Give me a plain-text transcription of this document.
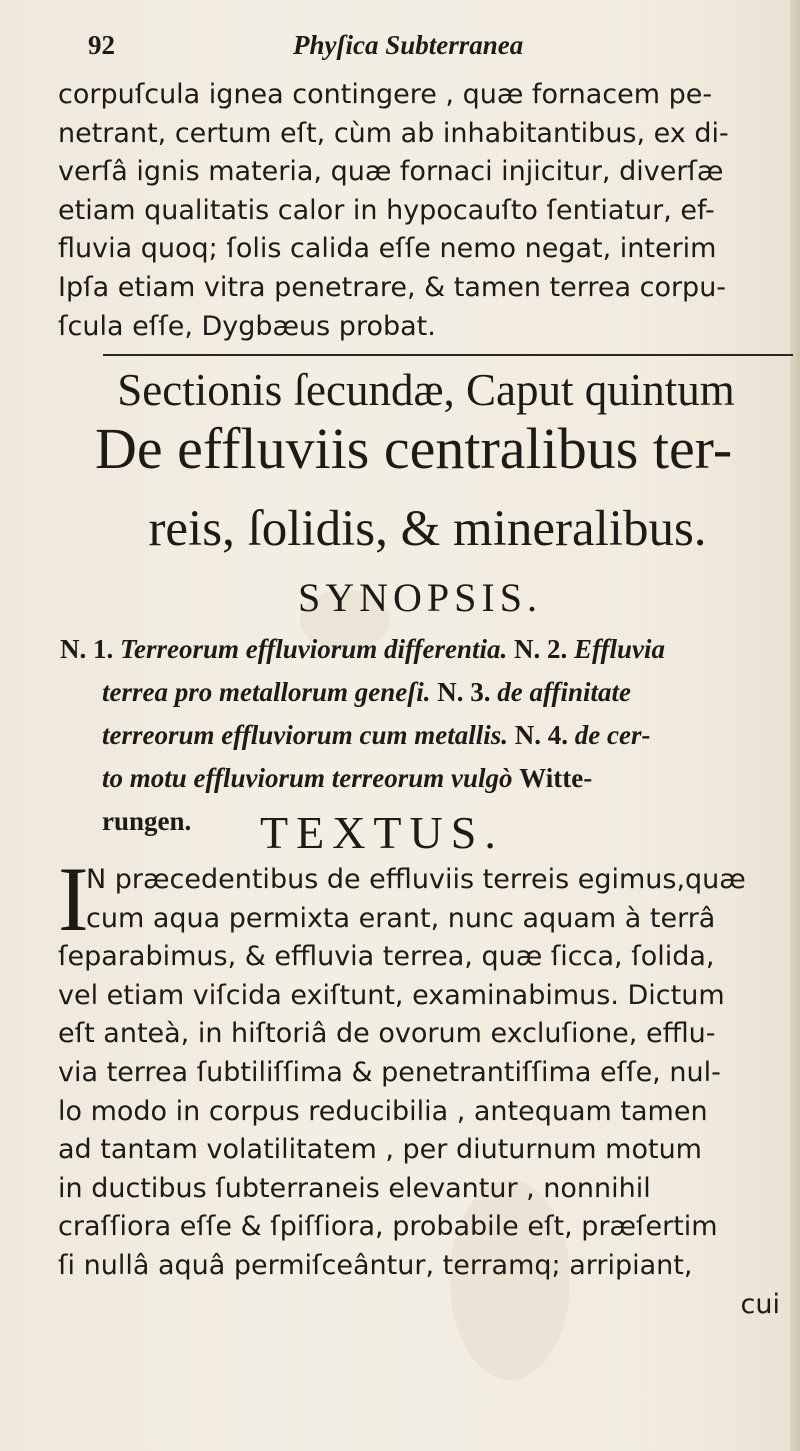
92	Phyſica Subterranea
corpuſcula ignea contingere , quæ fornacem pe-
netrant, certum eſt, cùm ab inhabitantibus, ex di-
verſâ ignis materia, quæ fornaci injicitur, diverſæ
etiam qualitatis calor in hypocauſto ſentiatur, ef-
fluvia quoq; ſolis calida eſſe nemo negat, interim
Ipſa etiam vitra penetrare, & tamen terrea corpu-
ſcula eſſe, Dygbæus probat.
Sectionis ſecundæ, Caput quintum
De effluviis centralibus ter-
reis, ſolidis, & mineralibus.
SYNOPSIS.
N. 1. Terreorum effluviorum differentia. N. 2. Effluvia
terrea pro metallorum geneſi. N. 3. de affinitate
terreorum effluviorum cum metallis. N. 4. de cer-
to motu effluviorum terreorum vulgò Witte-
rungen.	TEXTUS.
I
N præcedentibus de effluviis terreis egimus,quæ
cum aqua permixta erant, nunc aquam à terrâ
ſeparabimus, & effluvia terrea, quæ ſicca, ſolida,
vel etiam viſcida exiſtunt, examinabimus. Dictum
eſt anteà, in hiſtoriâ de ovorum excluſione, efflu-
via terrea ſubtiliſſima & penetrantiſſima eſſe, nul-
lo modo in corpus reducibilia , antequam tamen
ad tantam volatilitatem , per diuturnum motum
in ductibus ſubterraneis elevantur , nonnihil
craſſiora eſſe & ſpiſſiora, probabile eſt, præſertim
ſi nullâ aquâ permiſceântur, terramq; arripiant,
cui
